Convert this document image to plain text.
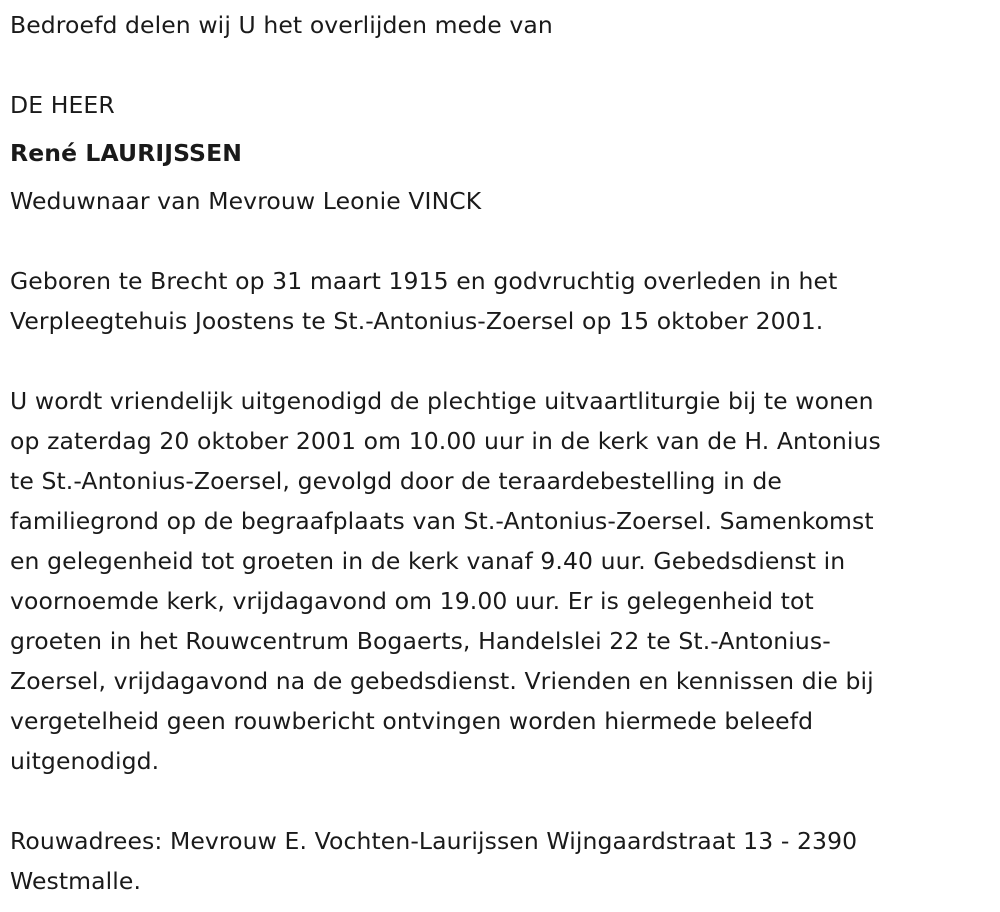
Bedroefd delen wij U het overlijden mede van
DE HEER
René LAURIJSSEN
Weduwnaar van Mevrouw Leonie VINCK
Geboren te Brecht op 31 maart 1915 en godvruchtig overleden in het
Verpleegtehuis Joostens te St.-Antonius-Zoersel op 15 oktober 2001.
U wordt vriendelijk uitgenodigd de plechtige uitvaartliturgie bij te wonen
op zaterdag 20 oktober 2001 om 10.00 uur in de kerk van de H. Antonius
te St.-Antonius-Zoersel, gevolgd door de teraardebestelling in de
familiegrond op de begraafplaats van St.-Antonius-Zoersel. Samenkomst
en gelegenheid tot groeten in de kerk vanaf 9.40 uur. Gebedsdienst in
voornoemde kerk, vrijdagavond om 19.00 uur. Er is gelegenheid tot
groeten in het Rouwcentrum Bogaerts, Handelslei 22 te St.-Antonius-
Zoersel, vrijdagavond na de gebedsdienst. Vrienden en kennissen die bij
vergetelheid geen rouwbericht ontvingen worden hiermede beleefd
uitgenodigd.
Rouwadrees: Mevrouw E. Vochten-Laurijssen Wijngaardstraat 13 - 2390
Westmalle.
